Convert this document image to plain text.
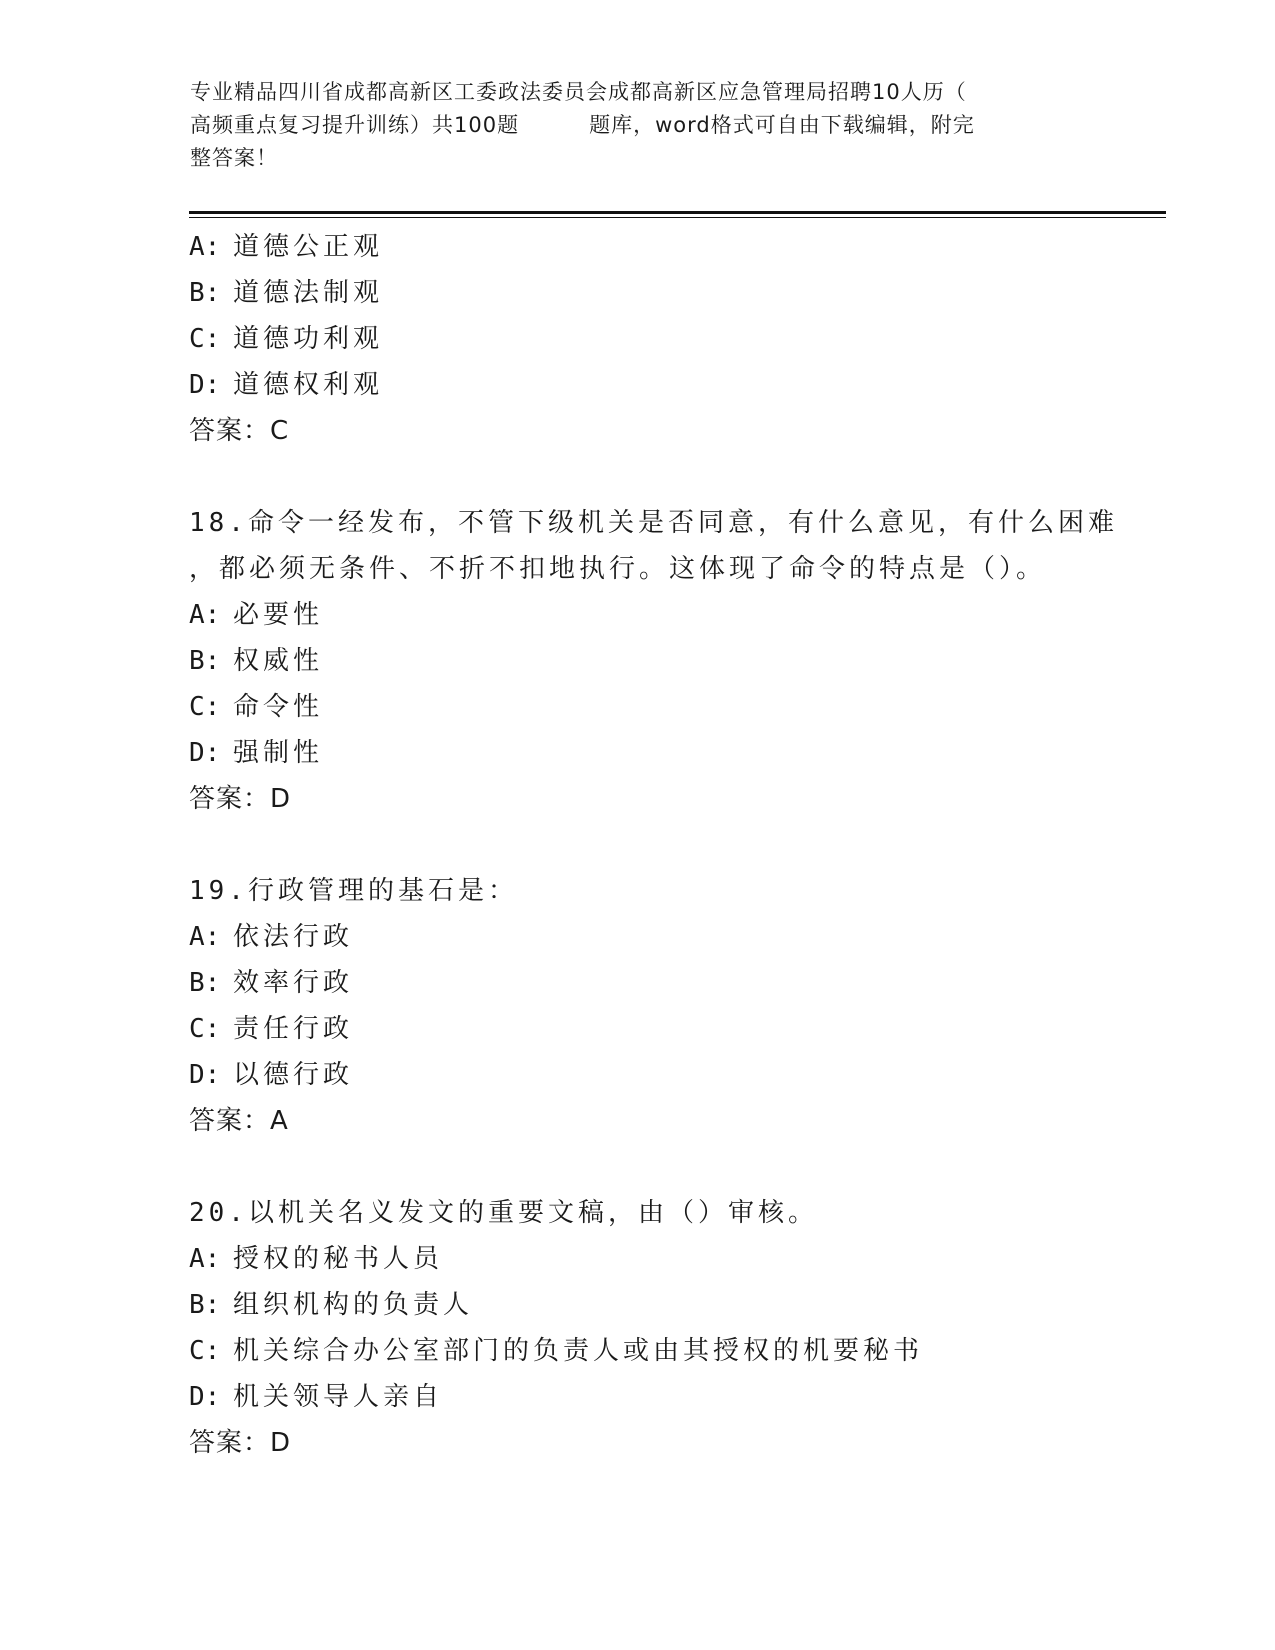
专业精品四川省成都高新区工委政法委员会成都高新区应急管理局招聘10人历（
高频重点复习提升训练）共100题	题库，word格式可自由下载编辑，附完
整答案！
A: 道德公正观
B: 道德法制观
C: 道德功利观
D: 道德权利观
答案：C
18.命令一经发布，不管下级机关是否同意，有什么意见，有什么困难
，都必须无条件、不折不扣地执行。这体现了命令的特点是（）。
A: 必要性
B: 权威性
C: 命令性
D: 强制性
答案：D
19.行政管理的基石是：
A: 依法行政
B: 效率行政
C: 责任行政
D: 以德行政
答案：A
20.以机关名义发文的重要文稿，由（）审核。
A: 授权的秘书人员
B: 组织机构的负责人
C: 机关综合办公室部门的负责人或由其授权的机要秘书
D: 机关领导人亲自
答案：D
